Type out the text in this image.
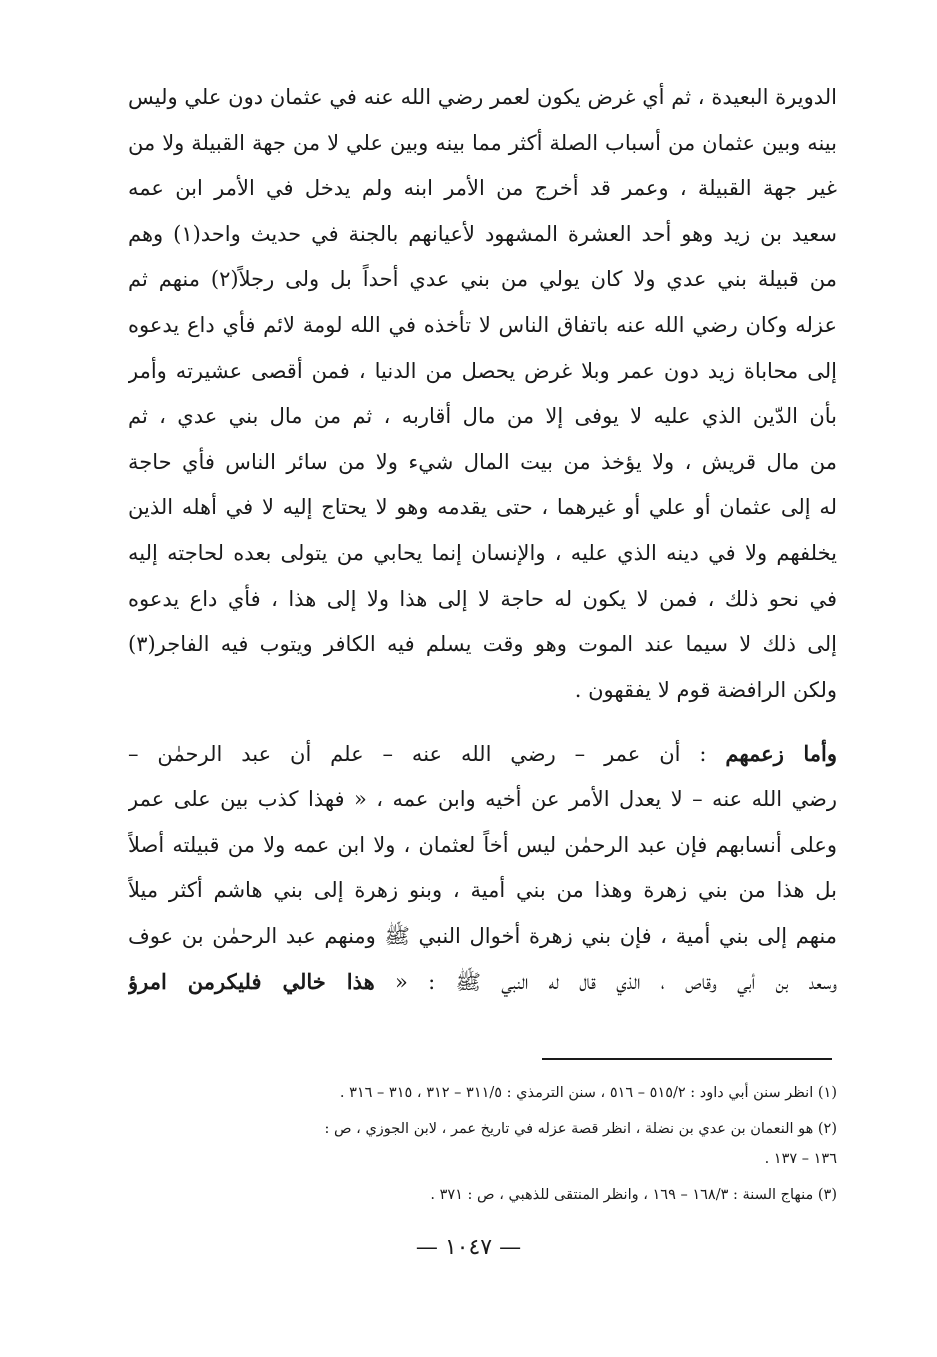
الدويرة البعيدة ، ثم أي غرض يكون لعمر رضي الله عنه في عثمان دون علي وليس
بينه وبين عثمان من أسباب الصلة أكثر مما بينه وبين علي لا من جهة القبيلة ولا من
غير جهة القبيلة ، وعمر قد أخرج من الأمر ابنه ولم يدخل في الأمر ابن عمه
سعيد بن زيد وهو أحد العشرة المشهود لأعيانهم بالجنة في حديث واحد(١) وهم
من قبيلة بني عدي ولا كان يولي من بني عدي أحداً بل ولى رجلاً(٢) منهم ثم
عزله وكان رضي الله عنه باتفاق الناس لا تأخذه في الله لومة لائم فأي داع يدعوه
إلى محاباة زيد دون عمر وبلا غرض يحصل من الدنيا ، فمن أقصى عشيرته وأمر
بأن الدّين الذي عليه لا يوفى إلا من مال أقاربه ، ثم من مال بني عدي ، ثم
من مال قريش ، ولا يؤخذ من بيت المال شيء ولا من سائر الناس فأي حاجة
له إلى عثمان أو علي أو غيرهما ، حتى يقدمه وهو لا يحتاج إليه لا في أهله الذين
يخلفهم ولا في دينه الذي عليه ، والإنسان إنما يحابي من يتولى بعده لحاجته إليه
في نحو ذلك ، فمن لا يكون له حاجة لا إلى هذا ولا إلى هذا ، فأي داع يدعوه
إلى ذلك لا سيما عند الموت وهو وقت يسلم فيه الكافر ويتوب فيه الفاجر(٣)
ولكن الرافضة قوم لا يفقهون .
وأما زعمهم : أن عمر – رضي الله عنه – علم أن عبد الرحمٰن –
رضي الله عنه – لا يعدل الأمر عن أخيه وابن عمه ، « فهذا كذب بين على عمر
وعلى أنسابهم فإن عبد الرحمٰن ليس أخاً لعثمان ، ولا ابن عمه ولا من قبيلته أصلاً
بل هذا من بني زهرة وهذا من بني أمية ، وبنو زهرة إلى بني هاشم أكثر ميلاً
منهم إلى بني أمية ، فإن بني زهرة أخوال النبي ﷺ ومنهم عبد الرحمٰن بن عوف
وسعد بن أبي وقاص ، الذي قال له النبي ﷺ : « هذا خالي فليكرمن امرؤ
(١) انظر سنن أبي داود : ٥١٥/٢ – ٥١٦ ، سنن الترمذي : ٣١١/٥ – ٣١٢ ، ٣١٥ – ٣١٦ .
(٢) هو النعمان بن عدي بن نضلة ، انظر قصة عزله في تاريخ عمر ، لابن الجوزي ، ص :
١٣٦ – ١٣٧ .
(٣) منهاج السنة : ١٦٨/٣ – ١٦٩ ، وانظر المنتقى للذهبي ، ص : ٣٧١ .
— ١٠٤٧ —
